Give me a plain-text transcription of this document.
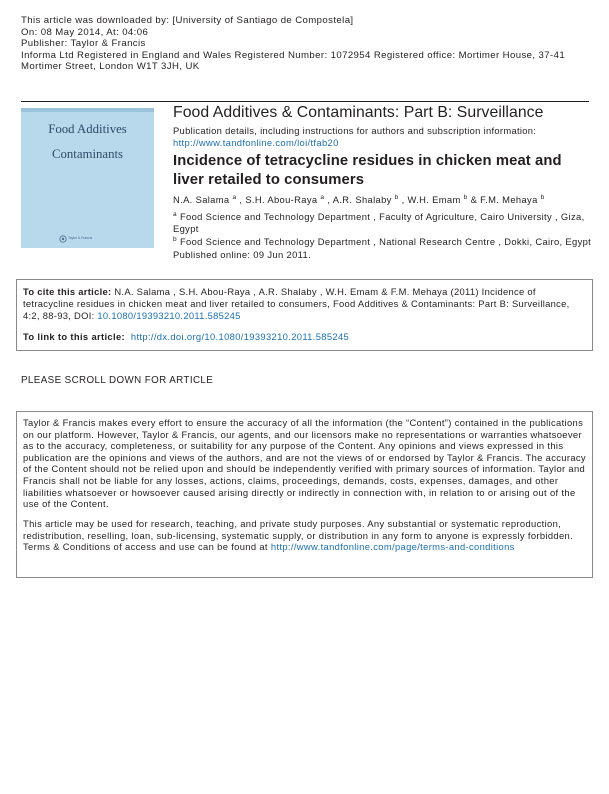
This article was downloaded by: [University of Santiago de Compostela]
On: 08 May 2014, At: 04:06
Publisher: Taylor & Francis
Informa Ltd Registered in England and Wales Registered Number: 1072954 Registered office: Mortimer House, 37-41 Mortimer Street, London W1T 3JH, UK
Food Additives
Contaminants
Taylor & Francis
Food Additives & Contaminants: Part B: Surveillance
Publication details, including instructions for authors and subscription information:
http://www.tandfonline.com/loi/tfab20
Incidence of tetracycline residues in chicken meat and liver retailed to consumers
N.A. Salama $^a$ , S.H. Abou-Raya $^a$ , A.R. Shalaby $^b$ , W.H. Emam $^b$ & F.M. Mehaya $^b$
$^a$ Food Science and Technology Department , Faculty of Agriculture, Cairo University , Giza, Egypt
$^b$ Food Science and Technology Department , National Research Centre , Dokki, Cairo, Egypt
Published online: 09 Jun 2011.
To cite this article: N.A. Salama , S.H. Abou-Raya , A.R. Shalaby , W.H. Emam & F.M. Mehaya (2011) Incidence of tetracycline residues in chicken meat and liver retailed to consumers, Food Additives & Contaminants: Part B: Surveillance, 4:2, 88-93, DOI: 10.1080/19393210.2011.585245
To link to this article: http://dx.doi.org/10.1080/19393210.2011.585245
PLEASE SCROLL DOWN FOR ARTICLE
Taylor & Francis makes every effort to ensure the accuracy of all the information (the “Content”) contained in the publications on our platform. However, Taylor & Francis, our agents, and our licensors make no representations or warranties whatsoever as to the accuracy, completeness, or suitability for any purpose of the Content. Any opinions and views expressed in this publication are the opinions and views of the authors, and are not the views of or endorsed by Taylor & Francis. The accuracy of the Content should not be relied upon and should be independently verified with primary sources of information. Taylor and Francis shall not be liable for any losses, actions, claims, proceedings, demands, costs, expenses, damages, and other liabilities whatsoever or howsoever caused arising directly or indirectly in connection with, in relation to or arising out of the use of the Content.
This article may be used for research, teaching, and private study purposes. Any substantial or systematic reproduction, redistribution, reselling, loan, sub-licensing, systematic supply, or distribution in any form to anyone is expressly forbidden. Terms & Conditions of access and use can be found at http://www.tandfonline.com/page/terms-and-conditions
